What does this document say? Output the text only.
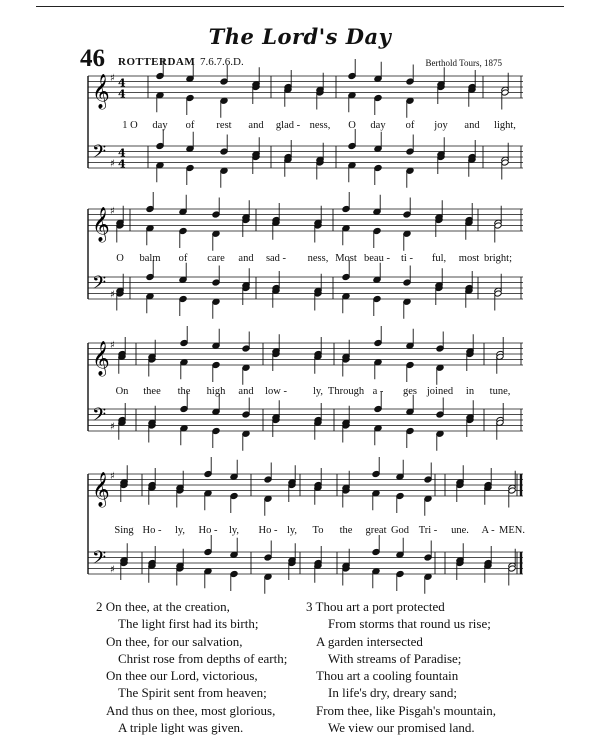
The Lord's Day
46 ROTTERDAM 7.6.7.6.D.	Berthold Tours, 1875
𝄞
𝄢
♯
♯
4
4
4
4
𝄞
𝄢
♯
♯
𝄞
𝄢
♯
♯
𝄞
𝄢
♯
♯
1 O day of rest and glad - ness, O day of joy and light,
O balm of care and sad - ness, Most beau - ti - ful, most bright;
On thee the high and low - ly, Through a - ges joined in tune,
Sing Ho - ly, Ho - ly, Ho - ly, To the great God Tri - une. A - MEN.
2 On thee, at the creation,
The light first had its birth;
On thee, for our salvation,
Christ rose from depths of earth;
On thee our Lord, victorious,
The Spirit sent from heaven;
And thus on thee, most glorious,
A triple light was given.
3 Thou art a port protected
From storms that round us rise;
A garden intersected
With streams of Paradise;
Thou art a cooling fountain
In life's dry, dreary sand;
From thee, like Pisgah's mountain,
We view our promised land.
